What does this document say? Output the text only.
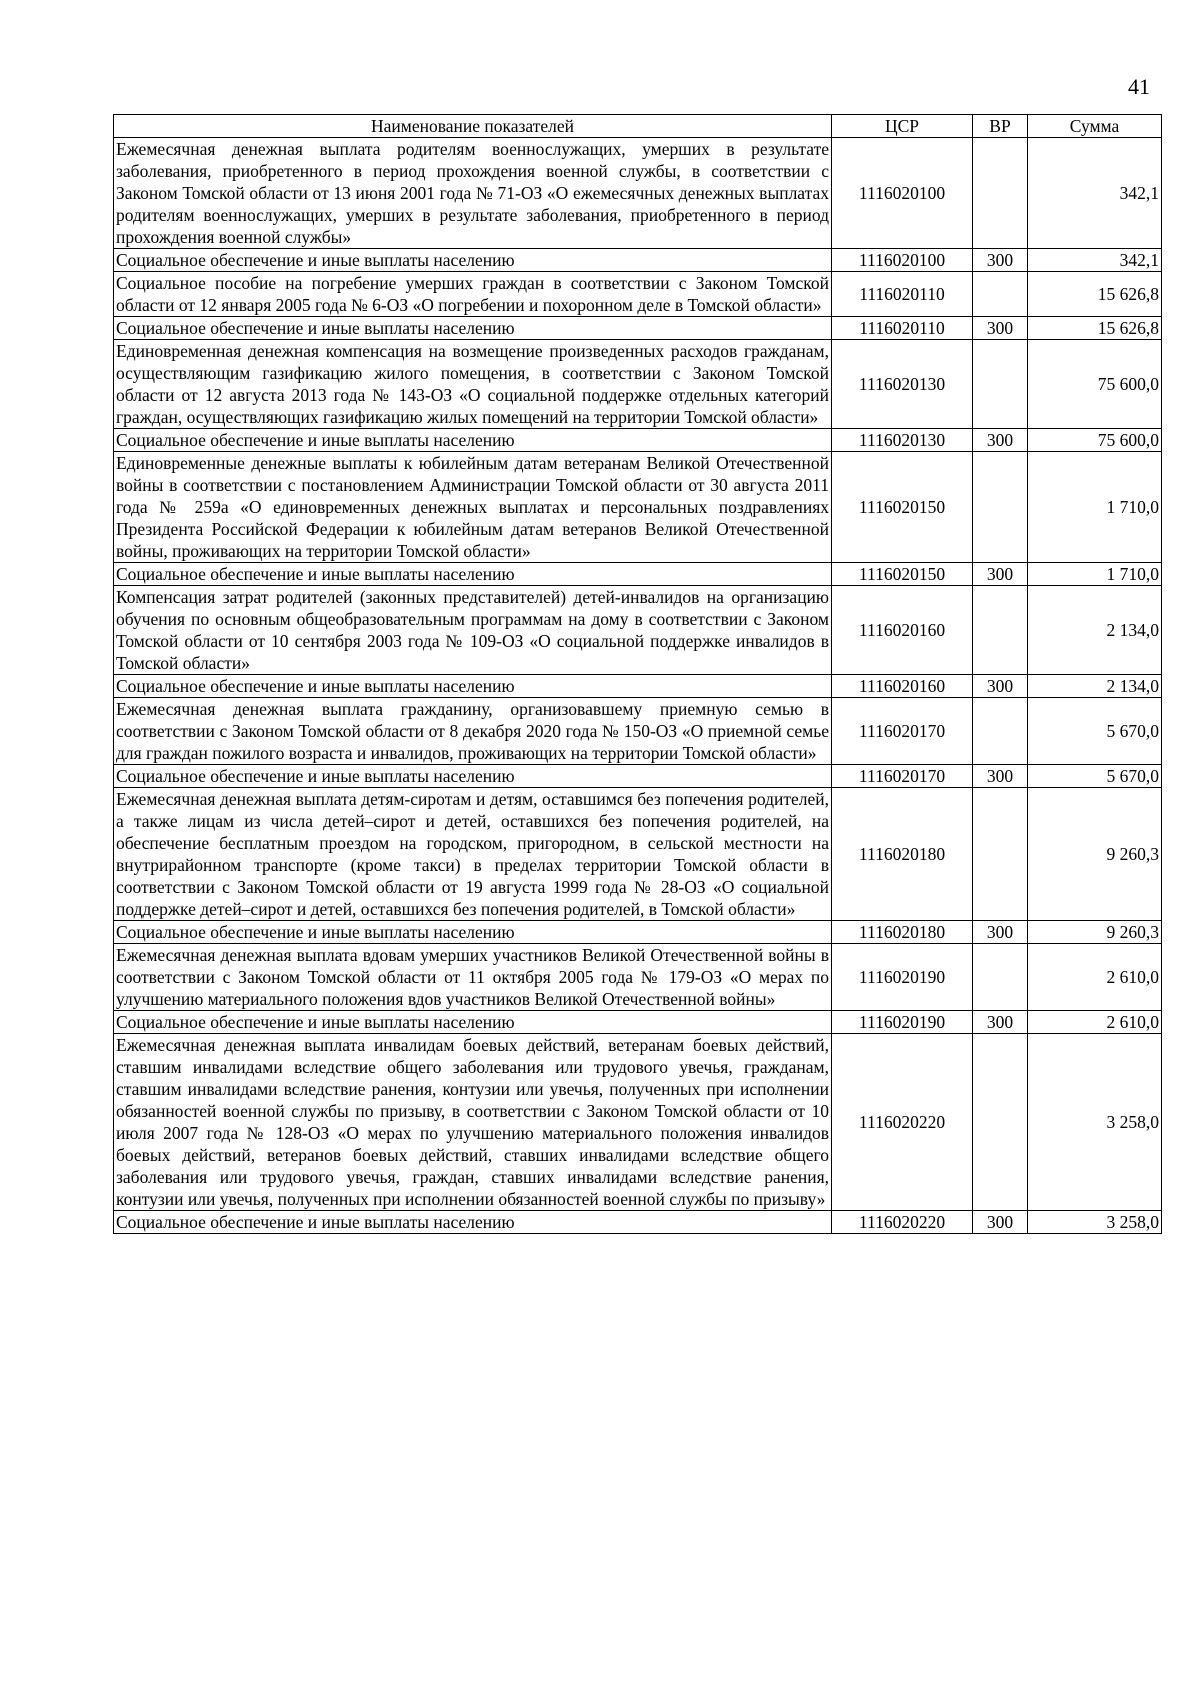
41
Наименование показателей	ЦСР	ВР	Сумма
Ежемесячная денежная выплата родителям военнослужащих, умерших в результате заболевания, приобретенного в период прохождения военной службы, в соответствии с Законом Томской области от 13 июня 2001 года № 71-ОЗ «О ежемесячных денежных выплатах родителям военнослужащих, умерших в результате заболевания, приобретенного в период прохождения военной службы»	1116020100		342,1
Социальное обеспечение и иные выплаты населению	1116020100	300	342,1
Социальное пособие на погребение умерших граждан в соответствии с Законом Томской области от 12 января 2005 года № 6-ОЗ «О погребении и похоронном деле в Томской области»	1116020110		15 626,8
Социальное обеспечение и иные выплаты населению	1116020110	300	15 626,8
Единовременная денежная компенсация на возмещение произведенных расходов гражданам, осуществляющим газификацию жилого помещения, в соответствии с Законом Томской области от 12 августа 2013 года № 143-ОЗ «О социальной поддержке отдельных категорий граждан, осуществляющих газификацию жилых помещений на территории Томской области»	1116020130		75 600,0
Социальное обеспечение и иные выплаты населению	1116020130	300	75 600,0
Единовременные денежные выплаты к юбилейным датам ветеранам Великой Отечественной войны в соответствии с постановлением Администрации Томской области от 30 августа 2011 года № 259а «О единовременных денежных выплатах и персональных поздравлениях Президента Российской Федерации к юбилейным датам ветеранов Великой Отечественной войны, проживающих на территории Томской области»	1116020150		1 710,0
Социальное обеспечение и иные выплаты населению	1116020150	300	1 710,0
Компенсация затрат родителей (законных представителей) детей-инвалидов на организацию обучения по основным общеобразовательным программам на дому в соответствии с Законом Томской области от 10 сентября 2003 года № 109-ОЗ «О социальной поддержке инвалидов в Томской области»	1116020160		2 134,0
Социальное обеспечение и иные выплаты населению	1116020160	300	2 134,0
Ежемесячная денежная выплата гражданину, организовавшему приемную семью в соответствии с Законом Томской области от 8 декабря 2020 года № 150-ОЗ «О приемной семье для граждан пожилого возраста и инвалидов, проживающих на территории Томской области»	1116020170		5 670,0
Социальное обеспечение и иные выплаты населению	1116020170	300	5 670,0
Ежемесячная денежная выплата детям-сиротам и детям, оставшимся без попечения родителей, а также лицам из числа детей–сирот и детей, оставшихся без попечения родителей, на обеспечение бесплатным проездом на городском, пригородном, в сельской местности на внутрирайонном транспорте (кроме такси) в пределах территории Томской области в соответствии с Законом Томской области от 19 августа 1999 года № 28-ОЗ «О социальной поддержке детей–сирот и детей, оставшихся без попечения родителей, в Томской области»	1116020180		9 260,3
Социальное обеспечение и иные выплаты населению	1116020180	300	9 260,3
Ежемесячная денежная выплата вдовам умерших участников Великой Отечественной войны в соответствии с Законом Томской области от 11 октября 2005 года № 179-ОЗ «О мерах по улучшению материального положения вдов участников Великой Отечественной войны»	1116020190		2 610,0
Социальное обеспечение и иные выплаты населению	1116020190	300	2 610,0
Ежемесячная денежная выплата инвалидам боевых действий, ветеранам боевых действий, ставшим инвалидами вследствие общего заболевания или трудового увечья, гражданам, ставшим инвалидами вследствие ранения, контузии или увечья, полученных при исполнении обязанностей военной службы по призыву, в соответствии с Законом Томской области от 10 июля 2007 года № 128-ОЗ «О мерах по улучшению материального положения инвалидов боевых действий, ветеранов боевых действий, ставших инвалидами вследствие общего заболевания или трудового увечья, граждан, ставших инвалидами вследствие ранения, контузии или увечья, полученных при исполнении обязанностей военной службы по призыву»	1116020220		3 258,0
Социальное обеспечение и иные выплаты населению	1116020220	300	3 258,0
